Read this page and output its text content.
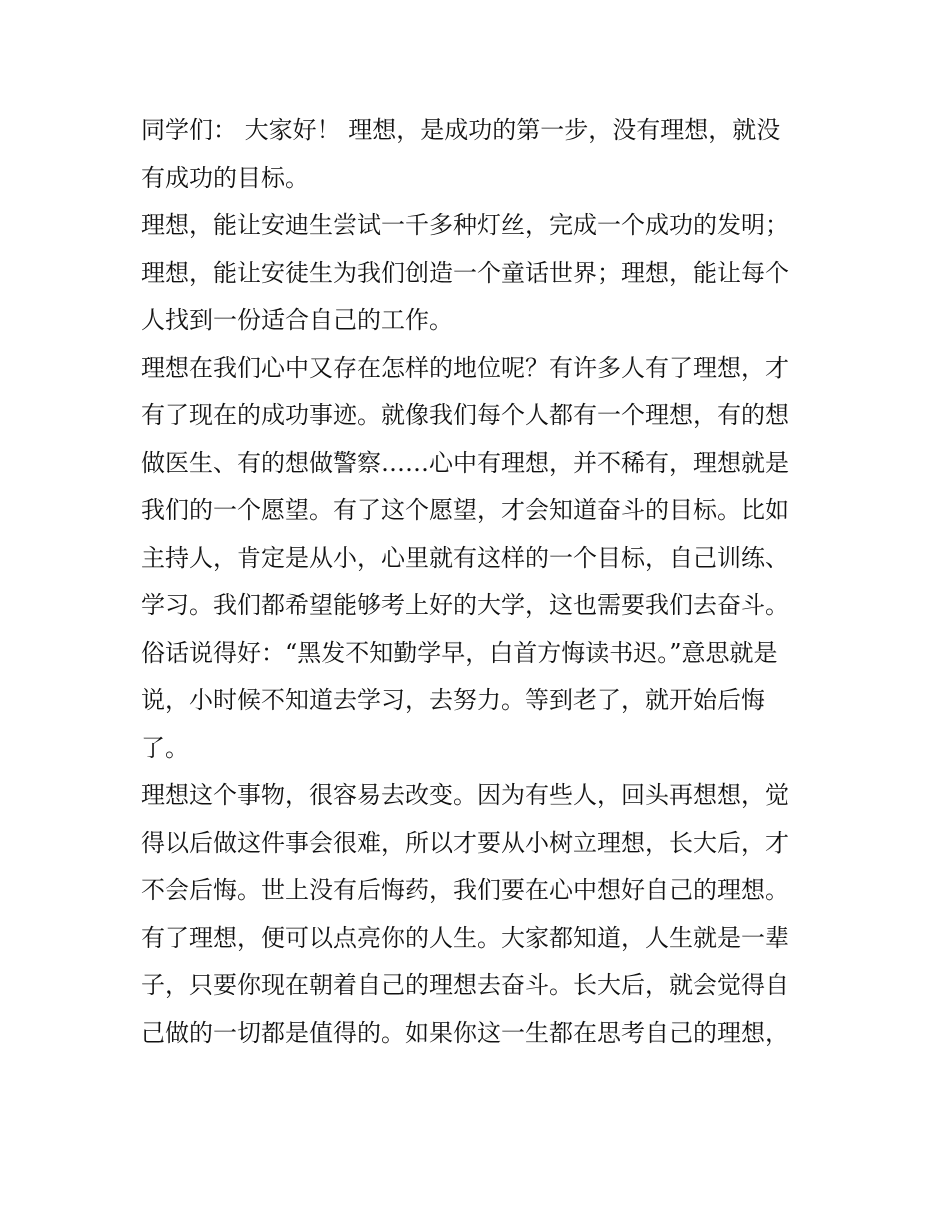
同学们： 大家好！ 理想，是成功的第一步，没有理想，就没
有成功的目标。
理想，能让安迪生尝试一千多种灯丝，完成一个成功的发明；
理想，能让安徒生为我们创造一个童话世界；理想，能让每个
人找到一份适合自己的工作。
理想在我们心中又存在怎样的地位呢？有许多人有了理想，才
有了现在的成功事迹。就像我们每个人都有一个理想，有的想
做医生、有的想做警察……心中有理想，并不稀有，理想就是
我们的一个愿望。有了这个愿望，才会知道奋斗的目标。比如
主持人，肯定是从小，心里就有这样的一个目标，自己训练、
学习。我们都希望能够考上好的大学，这也需要我们去奋斗。
俗话说得好：“黑发不知勤学早，白首方悔读书迟。”意思就是
说，小时候不知道去学习，去努力。等到老了，就开始后悔
了。
理想这个事物，很容易去改变。因为有些人，回头再想想，觉
得以后做这件事会很难，所以才要从小树立理想，长大后，才
不会后悔。世上没有后悔药，我们要在心中想好自己的理想。
有了理想，便可以点亮你的人生。大家都知道，人生就是一辈
子，只要你现在朝着自己的理想去奋斗。长大后，就会觉得自
己做的一切都是值得的。如果你这一生都在思考自己的理想，
